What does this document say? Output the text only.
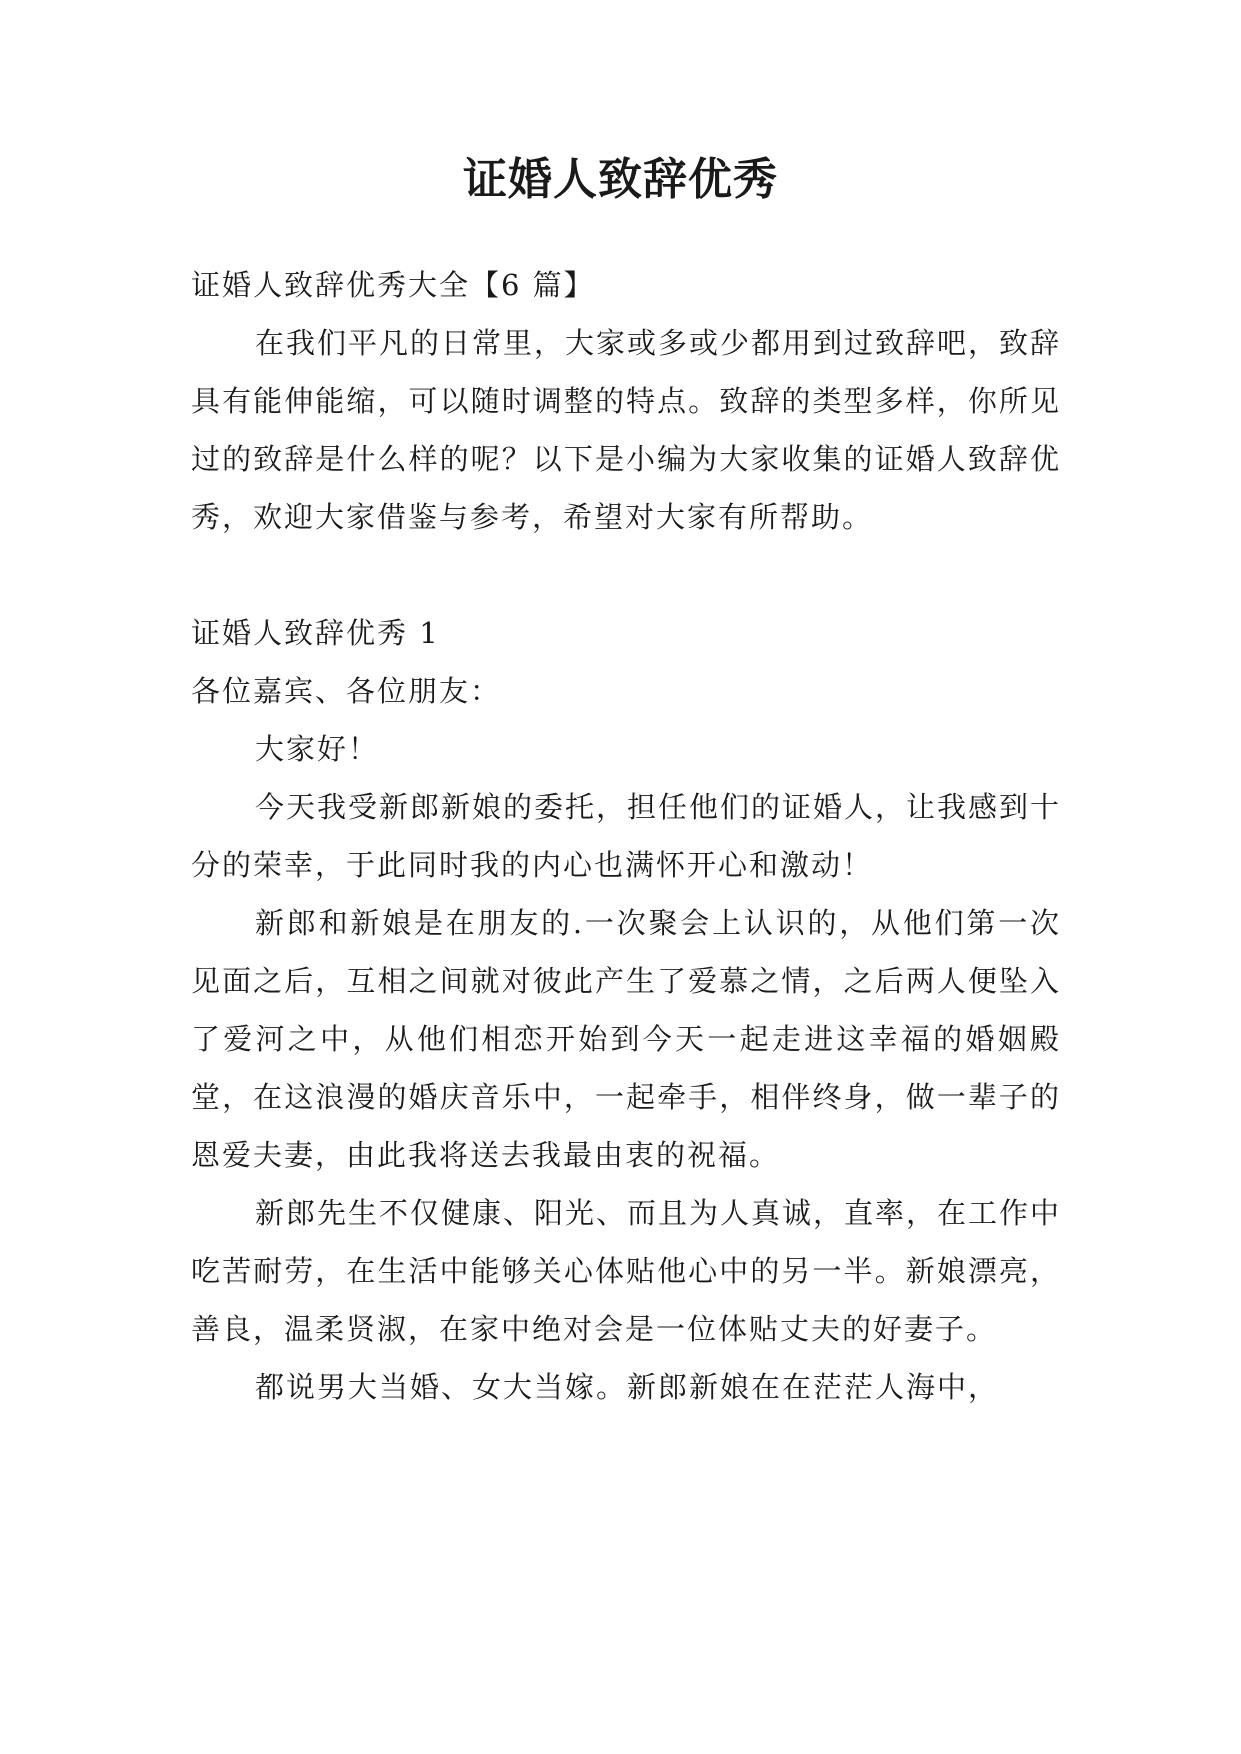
证婚人致辞优秀

证婚人致辞优秀大全【6 篇】

在我们平凡的日常里，大家或多或少都用到过致辞吧，致辞具有能伸能缩，可以随时调整的特点。致辞的类型多样，你所见过的致辞是什么样的呢？以下是小编为大家收集的证婚人致辞优秀，欢迎大家借鉴与参考，希望对大家有所帮助。

证婚人致辞优秀 1

各位嘉宾、各位朋友：

大家好！

今天我受新郎新娘的委托，担任他们的证婚人，让我感到十分的荣幸，于此同时我的内心也满怀开心和激动！

新郎和新娘是在朋友的.一次聚会上认识的，从他们第一次见面之后，互相之间就对彼此产生了爱慕之情，之后两人便坠入了爱河之中，从他们相恋开始到今天一起走进这幸福的婚姻殿堂，在这浪漫的婚庆音乐中，一起牵手，相伴终身，做一辈子的恩爱夫妻，由此我将送去我最由衷的祝福。

新郎先生不仅健康、阳光、而且为人真诚，直率，在工作中吃苦耐劳，在生活中能够关心体贴他心中的另一半。新娘漂亮，善良，温柔贤淑，在家中绝对会是一位体贴丈夫的好妻子。

都说男大当婚、女大当嫁。新郎新娘在在茫茫人海中，
